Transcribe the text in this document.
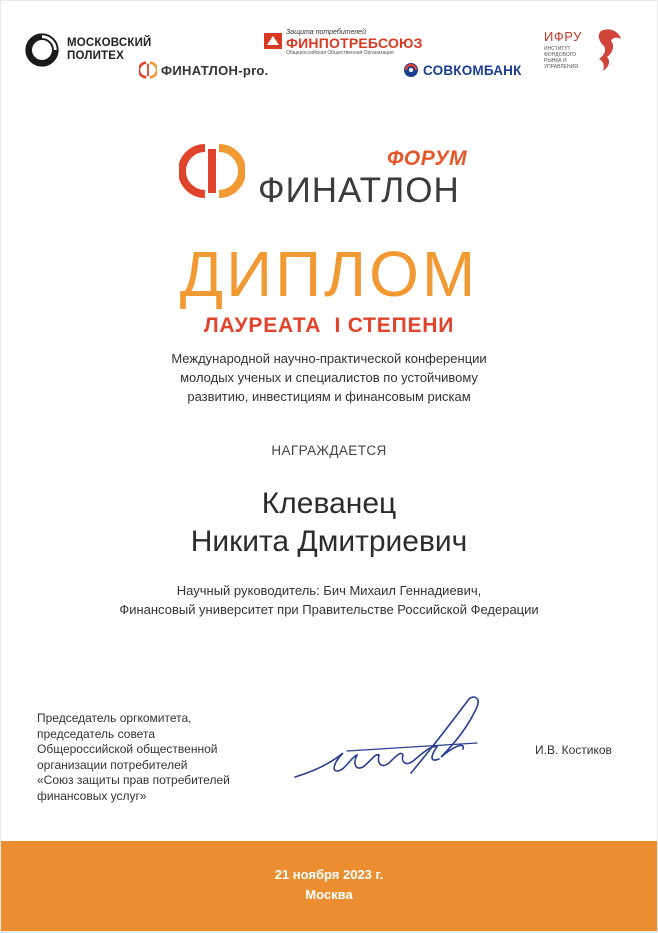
МОСКОВСКИЙ
ПОЛИТЕХ
ФИНАТЛОН-pro.
Защита потребителей
ФИНПОТРЕБСОЮЗ
Общероссийская Общественная Организация
СОВКОМБАНК
ИФРУ
ИНСТИТУТ ФОНДОВОГО РЫНКА И УПРАВЛЕНИЯ
ФОРУМ
ФИНАТЛОН
ДИПЛОМ
ЛАУРЕАТА  I СТЕПЕНИ
Международной научно-практической конференции
молодых ученых и специалистов по устойчивому
развитию, инвестициям и финансовым рискам
НАГРАЖДАЕТСЯ
Клеванец
Никита Дмитриевич
Научный руководитель: Бич Михаил Геннадиевич,
Финансовый университет при Правительстве Российской Федерации
Председатель оргкомитета,
председатель совета
Общероссийской общественной
организации потребителей
«Союз защиты прав потребителей
финансовых услуг»
И.В. Костиков
21 ноября 2023 г.
Москва
